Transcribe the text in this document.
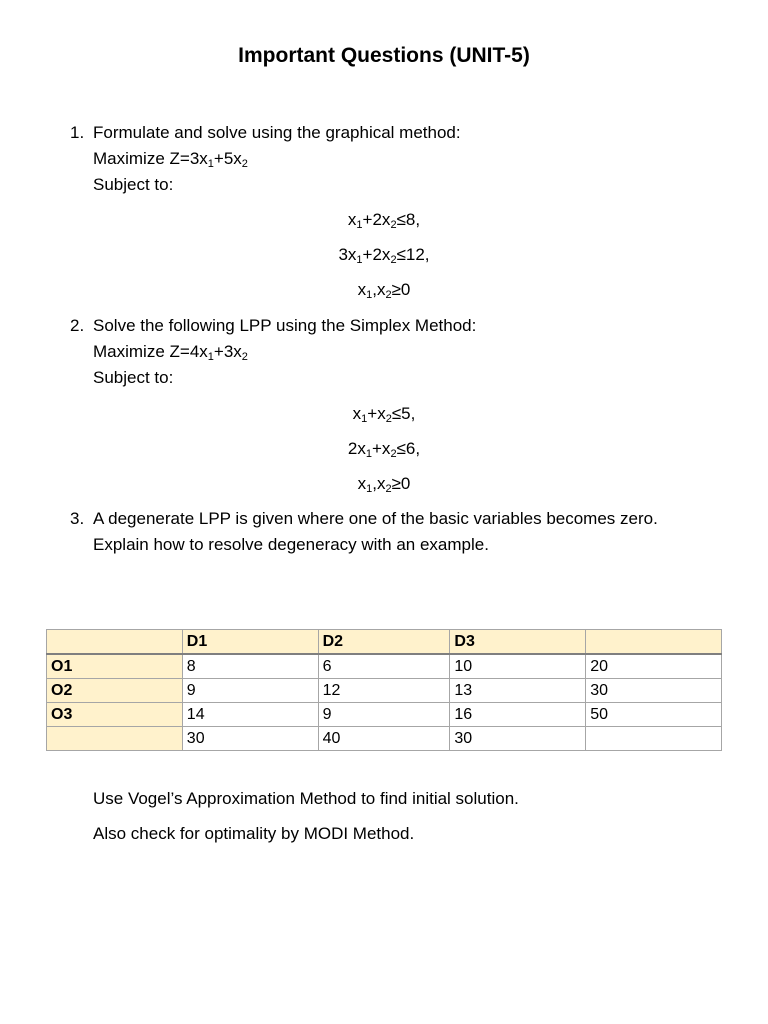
Important Questions (UNIT-5)
1. Formulate and solve using the graphical method:
Maximize $Z=3x_1+5x_2$
Subject to:
$x_1+2x_2\le 8$,
$3x_1+2x_2\le 12$,
$x_1,x_2\ge 0$
2. Solve the following LPP using the Simplex Method:
Maximize $Z=4x_1+3x_2$
Subject to:
$x_1+x_2\le 5$,
$2x_1+x_2\le 6$,
$x_1,x_2\ge 0$
3. A degenerate LPP is given where one of the basic variables becomes zero.
Explain how to resolve degeneracy with an example.
	D1	D2	D3	
O1	8	6	10	20
O2	9	12	13	30
O3	14	9	16	50
	30	40	30	
Use Vogel’s Approximation Method to find initial solution.
Also check for optimality by MODI Method.
